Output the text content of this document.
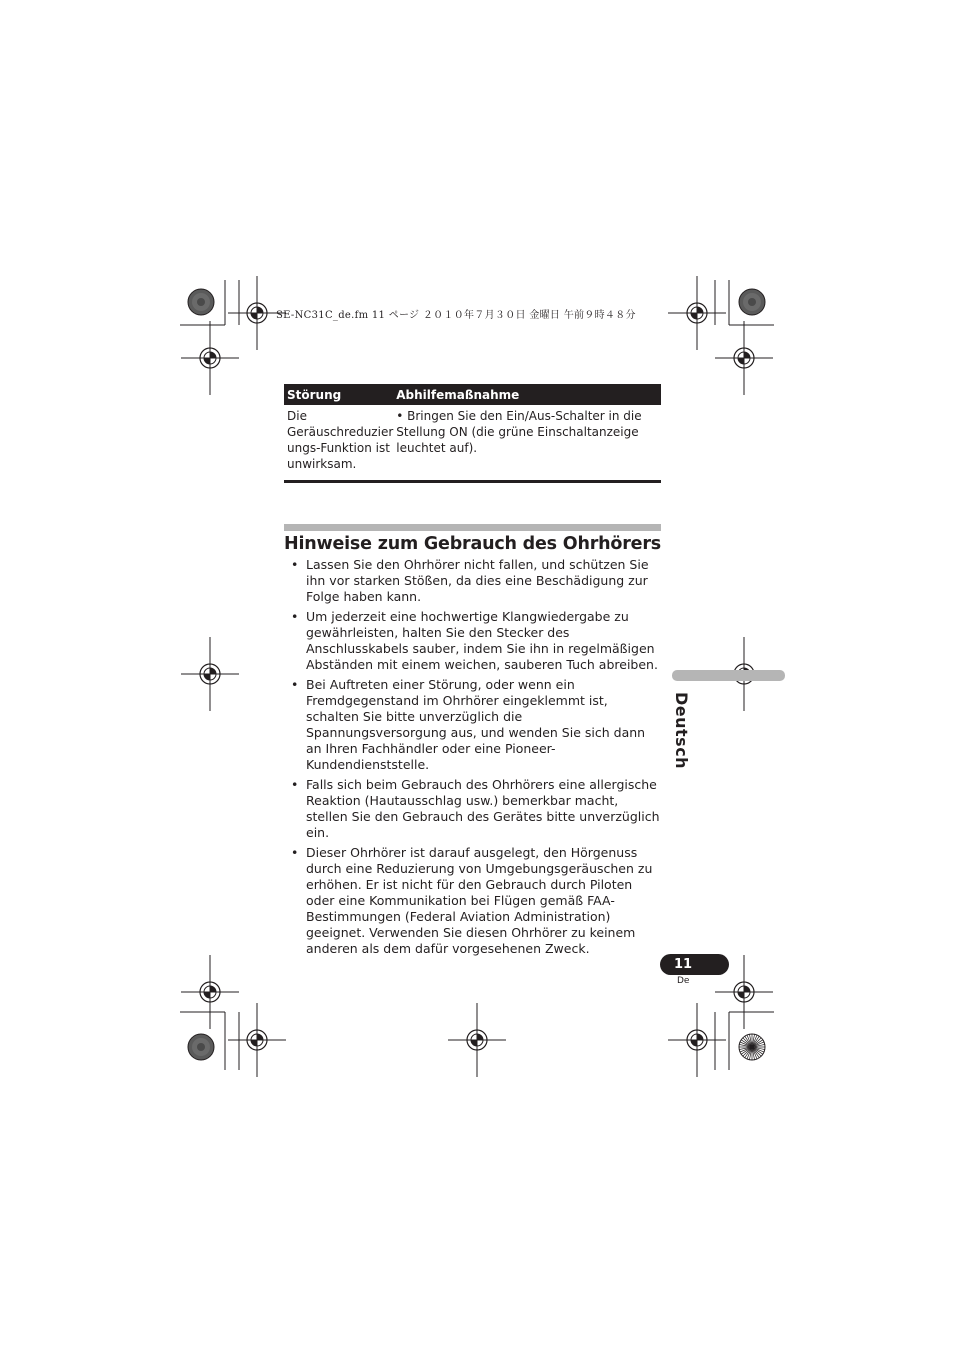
SE-NC31C_de.fm 11 ページ ２０１０年７月３０日 金曜日 午前９時４８分
Störung	Abhilfemaßnahme
Die Geräuschreduzier ungs-Funktion ist unwirksam.	• Bringen Sie den Ein/Aus-Schalter in die Stellung ON (die grüne Einschaltanzeige leuchtet auf).
Hinweise zum Gebrauch des Ohrhörers
• Lassen Sie den Ohrhörer nicht fallen, und schützen Sie ihn vor starken Stößen, da dies eine Beschädigung zur Folge haben kann.
• Um jederzeit eine hochwertige Klangwiedergabe zu gewährleisten, halten Sie den Stecker des Anschlusskabels sauber, indem Sie ihn in regelmäßigen Abständen mit einem weichen, sauberen Tuch abreiben.
• Bei Auftreten einer Störung, oder wenn ein Fremdgegenstand im Ohrhörer eingeklemmt ist, schalten Sie bitte unverzüglich die Spannungsversorgung aus, und wenden Sie sich dann an Ihren Fachhändler oder eine Pioneer-Kundendienststelle.
• Falls sich beim Gebrauch des Ohrhörers eine allergische Reaktion (Hautausschlag usw.) bemerkbar macht, stellen Sie den Gebrauch des Gerätes bitte unverzüglich ein.
• Dieser Ohrhörer ist darauf ausgelegt, den Hörgenuss durch eine Reduzierung von Umgebungsgeräuschen zu erhöhen. Er ist nicht für den Gebrauch durch Piloten oder eine Kommunikation bei Flügen gemäß FAA-Bestimmungen (Federal Aviation Administration) geeignet. Verwenden Sie diesen Ohrhörer zu keinem anderen als dem dafür vorgesehenen Zweck.
Deutsch
11
De
